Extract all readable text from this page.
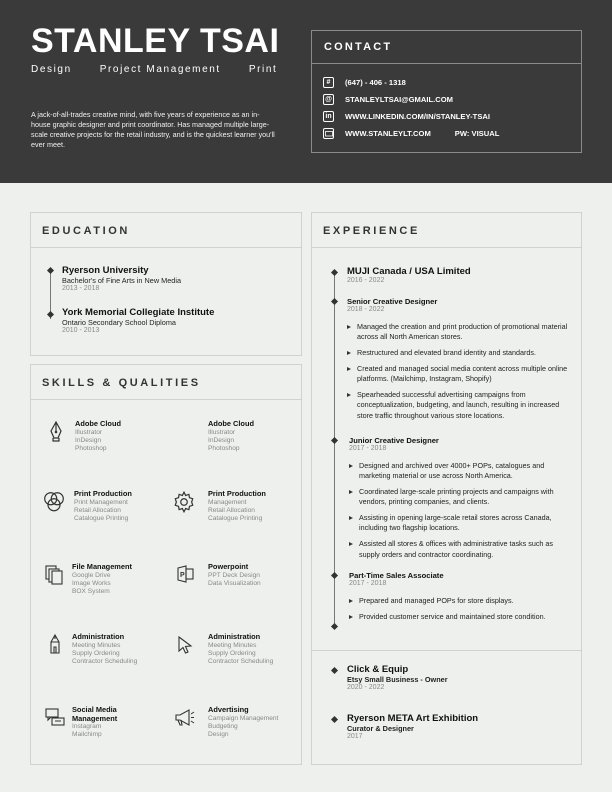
STANLEY TSAI
Design	Project Management	Print
A jack-of-all-trades creative mind, with five years of experience as an in-house graphic designer and print coordinator. Has managed multiple large-scale creative projects for the retail industry, and is the quickest learner you'll ever meet.
CONTACT
#	(647) - 406 - 1318
@ STANLEYLTSAI@GMAIL.COM
in	WWW.LINKEDIN.COM/IN/STANLEY-TSAI
WWW.STANLEYLT.COM	PW: VISUAL
EDUCATION
Ryerson University
Bachelor's of Fine Arts in New Media
2013 - 2018
York Memorial Collegiate Institute
Ontario Secondary School Diploma
2010 - 2013
SKILLS & QUALITIES
Adobe Cloud
Illustrator
InDesign
Photoshop
Adobe Cloud
Illustrator
InDesign
Photoshop
Print Production
Print Management
Retail Allocation
Catalogue Printing
Print Production
Management
Retail Allocation
Catalogue Printing
File Management
Google Drive
Image Works
BOX System
P
Powerpoint
PPT Deck Design
Data Visualization
Administration
Meeting Minutes
Supply Ordering
Contractor Scheduling
Administration
Meeting Minutes
Supply Ordering
Contractor Scheduling
Social Media Management
Instagram
Mailchimp
Advertising
Campaign Management
Budgeting
Design
EXPERIENCE
MUJI Canada / USA Limited
2016 - 2022
Senior Creative Designer
2018 - 2022
Managed the creation and print production of promotional material across all North American stores.
Restructured and elevated brand identity and standards.
Created and managed social media content across multiple online platforms. (Mailchimp, Instagram, Shopify)
Spearheaded successful advertising campaigns from conceptualization, budgeting, and launch, resulting in increased store traffic throughout various store locations.
Junior Creative Designer
2017 - 2018
Designed and archived over 4000+ POPs, catalogues and marketing material or use across North America.
Coordinated large-scale printing projects and campaigns with vendors, printing companies, and clients.
Assisting in opening large-scale retail stores across Canada, including two flagship locations.
Assisted all stores & offices with administrative tasks such as supply orders and contractor coordinating.
Part-Time Sales Associate
2017 - 2018
Prepared and managed POPs for store displays.
Provided customer service and maintained store condition.
Click & Equip
Etsy Small Business - Owner
2020 - 2022
Ryerson META Art Exhibition
Curator & Designer
2017
